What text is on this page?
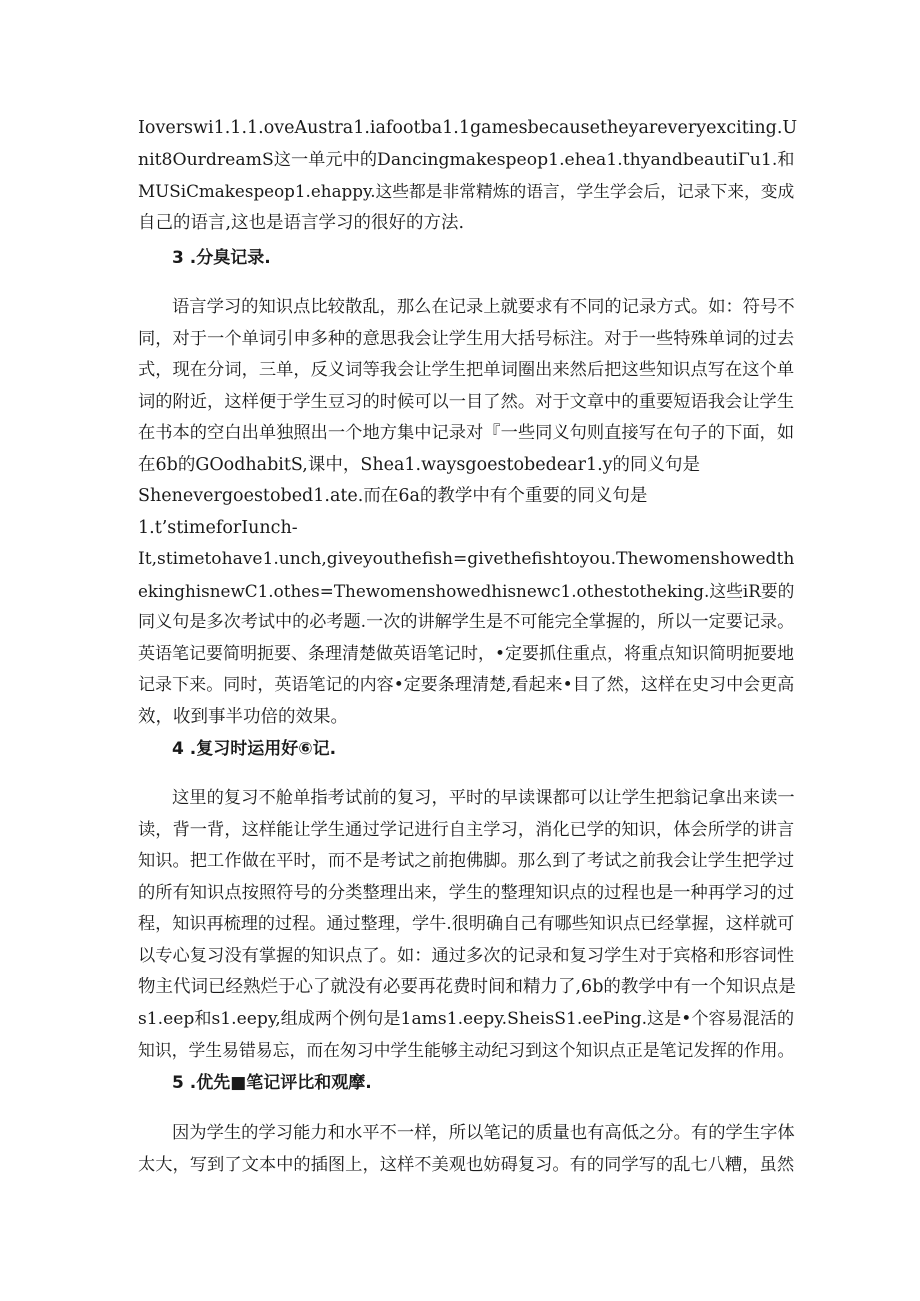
Ioverswi1.1.1.oveAustra1.iafootba1.1gamesbecausetheyareveryexciting.U
nit8OurdreamS这一单元中的Dancingmakespeop1.ehea1.thyandbeautiΓu1.和
MUSiCmakespeop1.ehappy.这些都是非常精炼的语言，学生学会后，记录下来，变成
自己的语言,这也是语言学习的很好的方法.
3 .分臭记录.
语言学习的知识点比较散乱，那么在记录上就要求有不同的记录方式。如：符号不
同，对于一个单词引申多种的意思我会让学生用大括号标注。对于一些特殊单词的过去
式，现在分词，三单，反义词等我会让学生把单词圈出来然后把这些知识点写在这个单
词的附近，这样便于学生豆习的时候可以一目了然。对于文章中的重要短语我会让学生
在书本的空白出单独照出一个地方集中记录对『一些同义句则直接写在句子的下面，如
在6b的GOodhabitS,课中，Shea1.waysgoestobedear1.y的同义句是
Shenevergoestobed1.ate.而在6a的教学中有个重要的同义句是
1.t’stimeforIunch-
It,stimetohave1.unch,giveyouthefish=givethefishtoyou.Thewomenshowedth
ekinghisnewC1.othes=Thewomenshowedhisnewc1.othestotheking.这些iR要的
同义句是多次考试中的必考题.一次的讲解学生是不可能完全掌握的，所以一定要记录。
英语笔记要简明扼要、条理清楚做英语笔记时，•定要抓住重点，将重点知识简明扼要地
记录下来。同时，英语笔记的内容•定要条理清楚,看起来•目了然，这样在史习中会更高
效，收到事半功倍的效果。
4 .复习时运用好⑥记.
这里的复习不舱单指考试前的复习，平时的早读课都可以让学生把翁记拿出来读一
读，背一背，这样能让学生通过学记进行自主学习，消化已学的知识，体会所学的讲言
知识。把工作做在平时，而不是考试之前抱佛脚。那么到了考试之前我会让学生把学过
的所有知识点按照符号的分类整理出来，学生的整理知识点的过程也是一种再学习的过
程，知识再梳理的过程。通过整理，学牛.很明确自己有哪些知识点已经掌握，这样就可
以专心复习没有掌握的知识点了。如：通过多次的记录和复习学生对于宾格和形容词性
物主代词已经熟烂于心了就没有必要再花费时间和精力了,6b的教学中有一个知识点是
s1.eep和s1.eepy,组成两个例句是1ams1.eepy.SheisS1.eePing.这是•个容易混活的
知识，学生易错易忘，而在匆习中学生能够主动纪习到这个知识点正是笔记发挥的作用。
5 .优先■笔记评比和观摩.
因为学生的学习能力和水平不一样，所以笔记的质量也有高低之分。有的学生字体
太大，写到了文本中的插图上，这样不美观也妨碍复习。有的同学写的乱七八糟，虽然
